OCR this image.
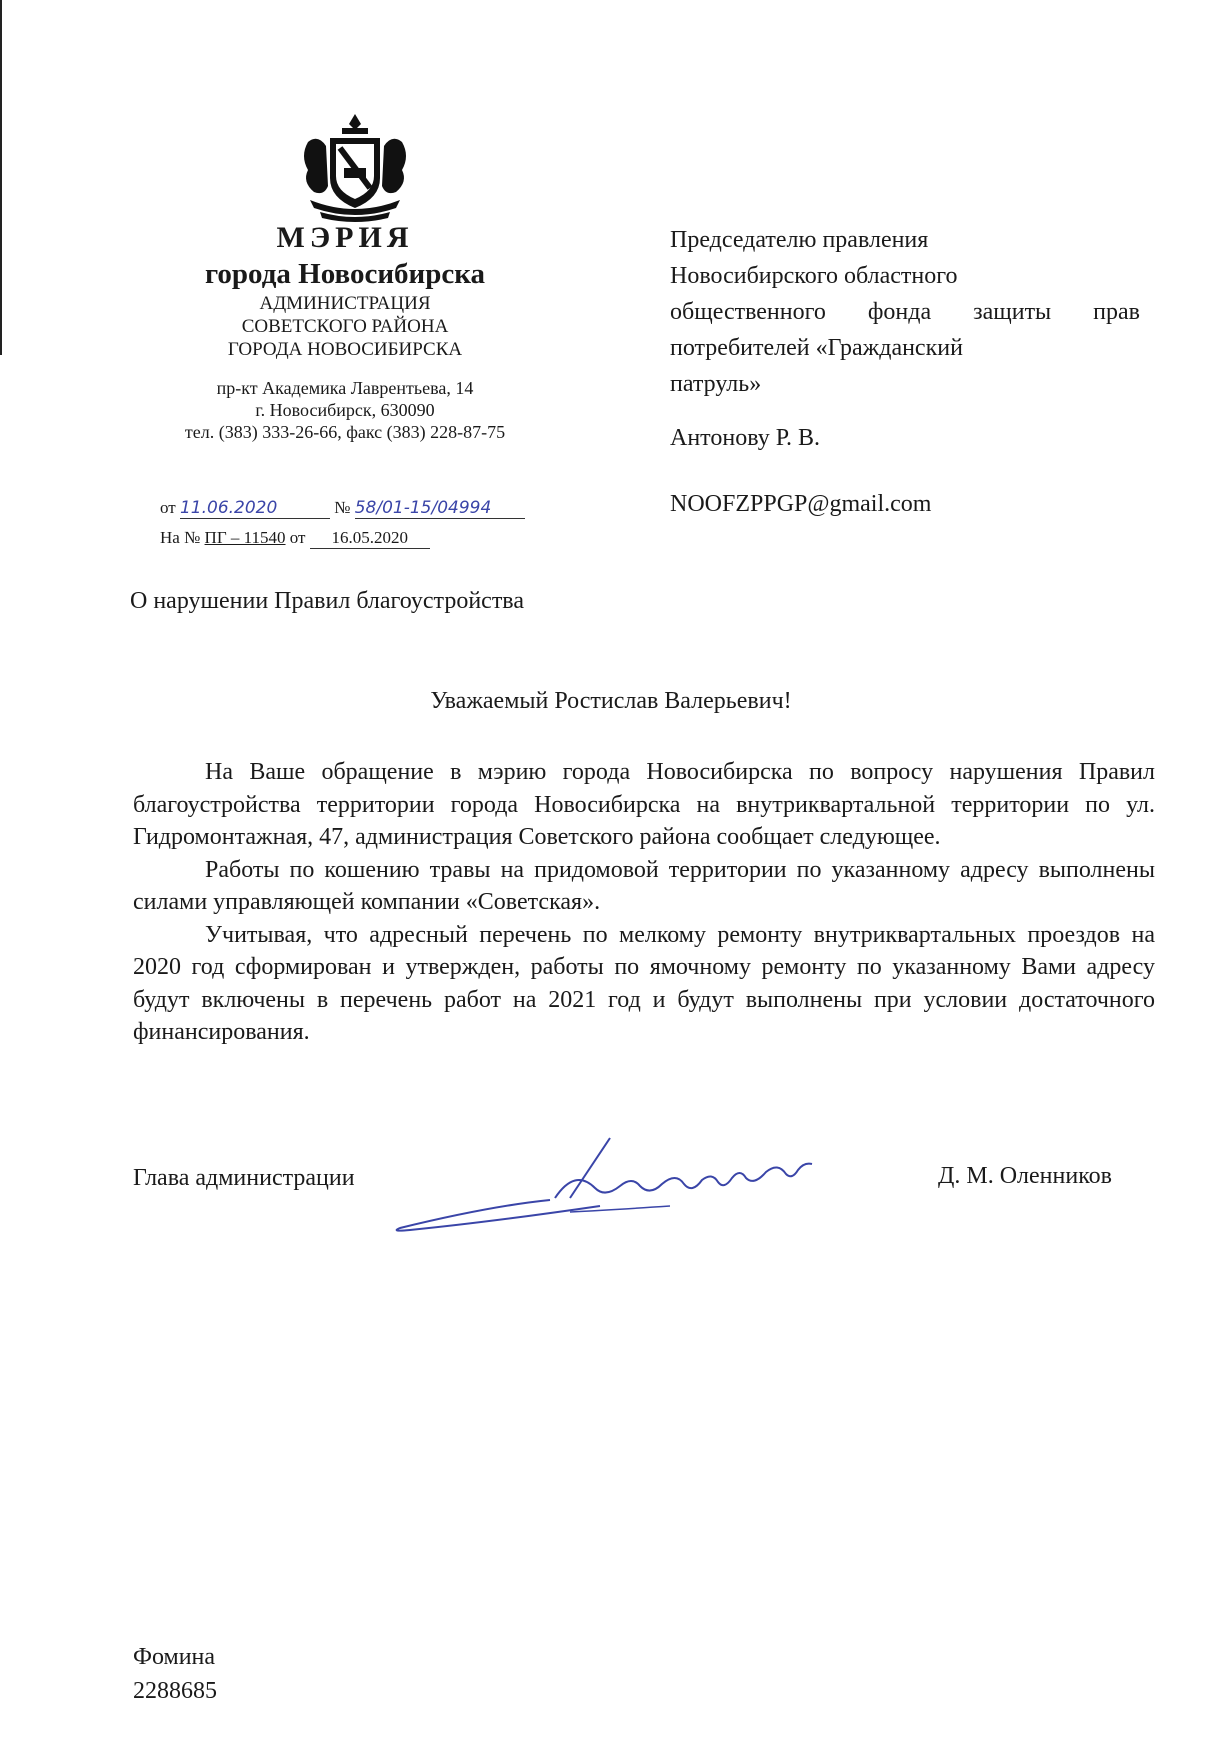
МЭРИЯ
города Новосибирска
АДМИНИСТРАЦИЯ
СОВЕТСКОГО РАЙОНА
ГОРОДА НОВОСИБИРСКА
пр-кт Академика Лаврентьева, 14
г. Новосибирск, 630090
тел. (383) 333-26-66, факс (383) 228-87-75
от 11.06.2020	№ 58/01-15/04994
На № ПГ – 11540 от 16.05.2020

Председателю правления

Новосибирского областного

общественного фонда защиты прав

потребителей «Гражданский

патруль»

Антонову Р. В.

NOOFZPPGP@gmail.com

О нарушении Правил благоустройства
Уважаемый Ростислав Валерьевич!

На Ваше обращение в мэрию города Новосибирска по вопросу нарушения Правил благоустройства территории города Новосибирска на внутриквартальной территории по ул. Гидромонтажная, 47, администрация Советского района сообщает следующее.

Работы по кошению травы на придомовой территории по указанному адресу выполнены силами управляющей компании «Советская».

Учитывая, что адресный перечень по мелкому ремонту внутриквартальных проездов на 2020 год сформирован и утвержден, работы по ямочному ремонту по указанному Вами адресу будут включены в перечень работ на 2021 год и будут выполнены при условии достаточного финансирования.

Глава администрации	Д. М. Оленников
Фомина
2288685
